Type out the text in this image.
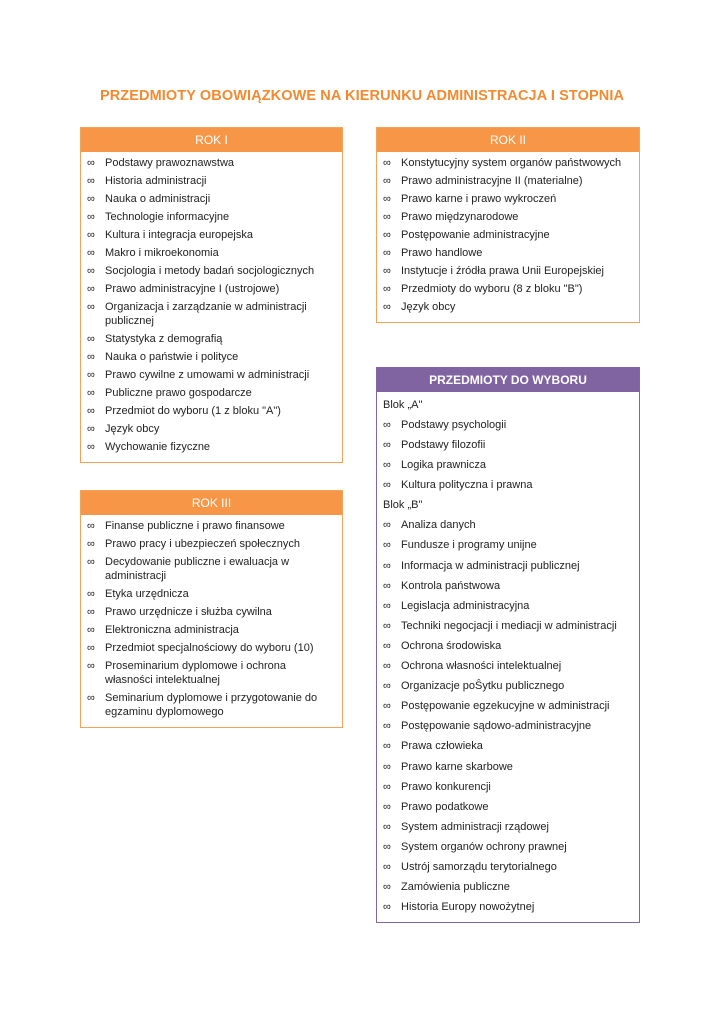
PRZEDMIOTY OBOWIĄZKOWE NA KIERUNKU ADMINISTRACJA I STOPNIA
ROK I
∞ Podstawy prawoznawstwa
∞ Historia administracji
∞ Nauka o administracji
∞ Technologie informacyjne
∞ Kultura i integracja europejska
∞ Makro i mikroekonomia
∞ Socjologia i metody badań socjologicznych
∞ Prawo administracyjne I (ustrojowe)
∞ Organizacja i zarządzanie w administracji publicznej
∞ Statystyka z demografią
∞ Nauka o państwie i polityce
∞ Prawo cywilne z umowami w administracji
∞ Publiczne prawo gospodarcze
∞ Przedmiot do wyboru (1 z bloku "A")
∞ Język obcy
∞ Wychowanie fizyczne
ROK III
∞ Finanse publiczne i prawo finansowe
∞ Prawo pracy i ubezpieczeń społecznych
∞ Decydowanie publiczne i ewaluacja w administracji
∞ Etyka urzędnicza
∞ Prawo urzędnicze i służba cywilna
∞ Elektroniczna administracja
∞ Przedmiot specjalnościowy do wyboru (10)
∞ Proseminarium dyplomowe i ochrona własności intelektualnej
∞ Seminarium dyplomowe i przygotowanie do egzaminu dyplomowego
ROK II
∞ Konstytucyjny system organów państwowych
∞ Prawo administracyjne II (materialne)
∞ Prawo karne i prawo wykroczeń
∞ Prawo międzynarodowe
∞ Postępowanie administracyjne
∞ Prawo handlowe
∞ Instytucje i źródła prawa Unii Europejskiej
∞ Przedmioty do wyboru (8 z bloku "B")
∞ Język obcy
PRZEDMIOTY DO WYBORU
Blok „A"
∞ Podstawy psychologii
∞ Podstawy filozofii
∞ Logika prawnicza
∞ Kultura polityczna i prawna
Blok „B"
∞ Analiza danych
∞ Fundusze i programy unijne
∞ Informacja w administracji publicznej
∞ Kontrola państwowa
∞ Legislacja administracyjna
∞ Techniki negocjacji i mediacji w administracji
∞ Ochrona środowiska
∞ Ochrona własności intelektualnej
∞ Organizacje poŜytku publicznego
∞ Postępowanie egzekucyjne w administracji
∞ Postępowanie sądowo-administracyjne
∞ Prawa człowieka
∞ Prawo karne skarbowe
∞ Prawo konkurencji
∞ Prawo podatkowe
∞ System administracji rządowej
∞ System organów ochrony prawnej
∞ Ustrój samorządu terytorialnego
∞ Zamówienia publiczne
∞ Historia Europy nowożytnej
